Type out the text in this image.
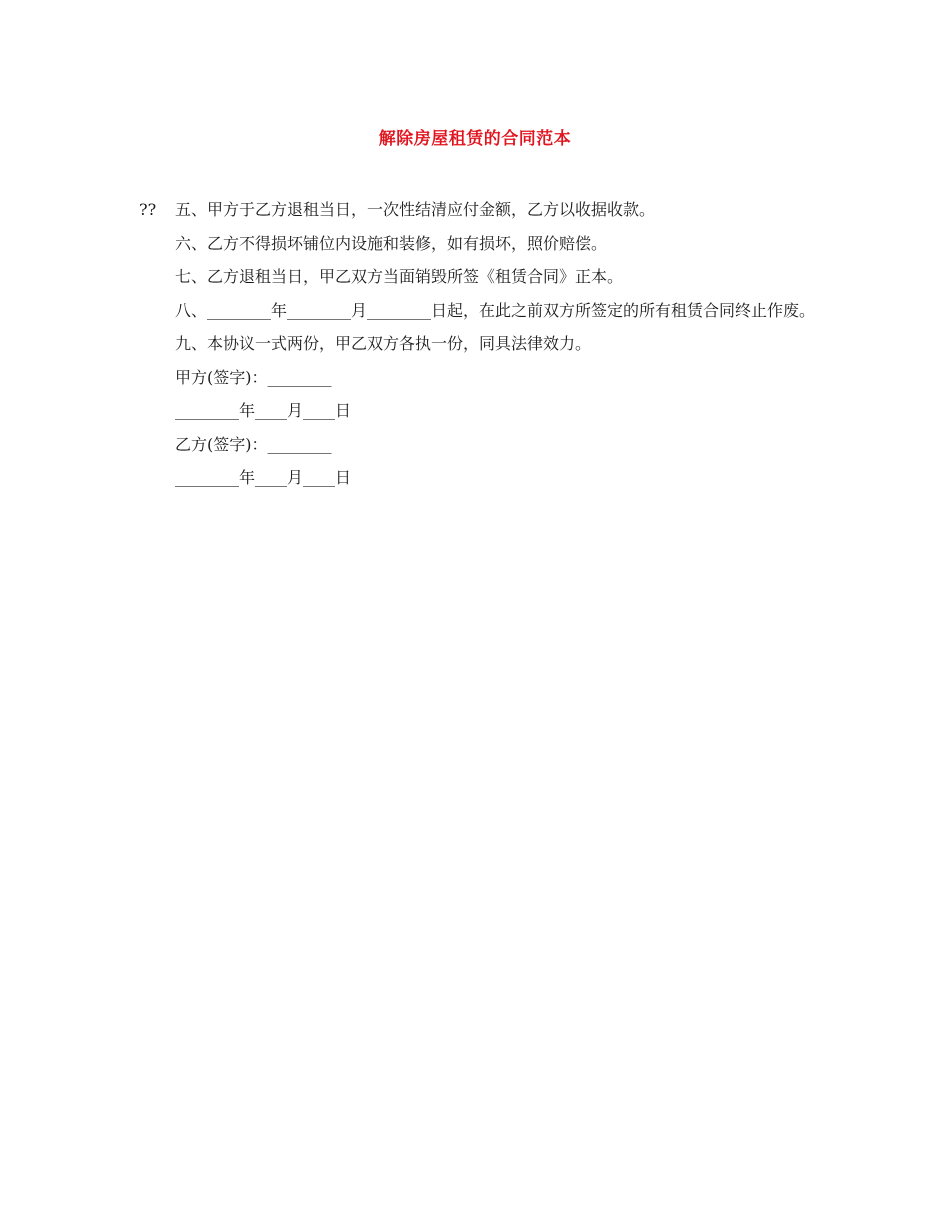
解除房屋租赁的合同范本

?? 五、甲方于乙方退租当日，一次性结清应付金额，乙方以收据收款。

六、乙方不得损坏铺位内设施和装修，如有损坏，照价赔偿。

七、乙方退租当日，甲乙双方当面销毁所签《租赁合同》正本。

八、________年________月________日起，在此之前双方所签定的所有租赁合同终止作废。

九、本协议一式两份，甲乙双方各执一份，同具法律效力。

甲方(签字)：________

________年____月____日

乙方(签字)：________

________年____月____日
